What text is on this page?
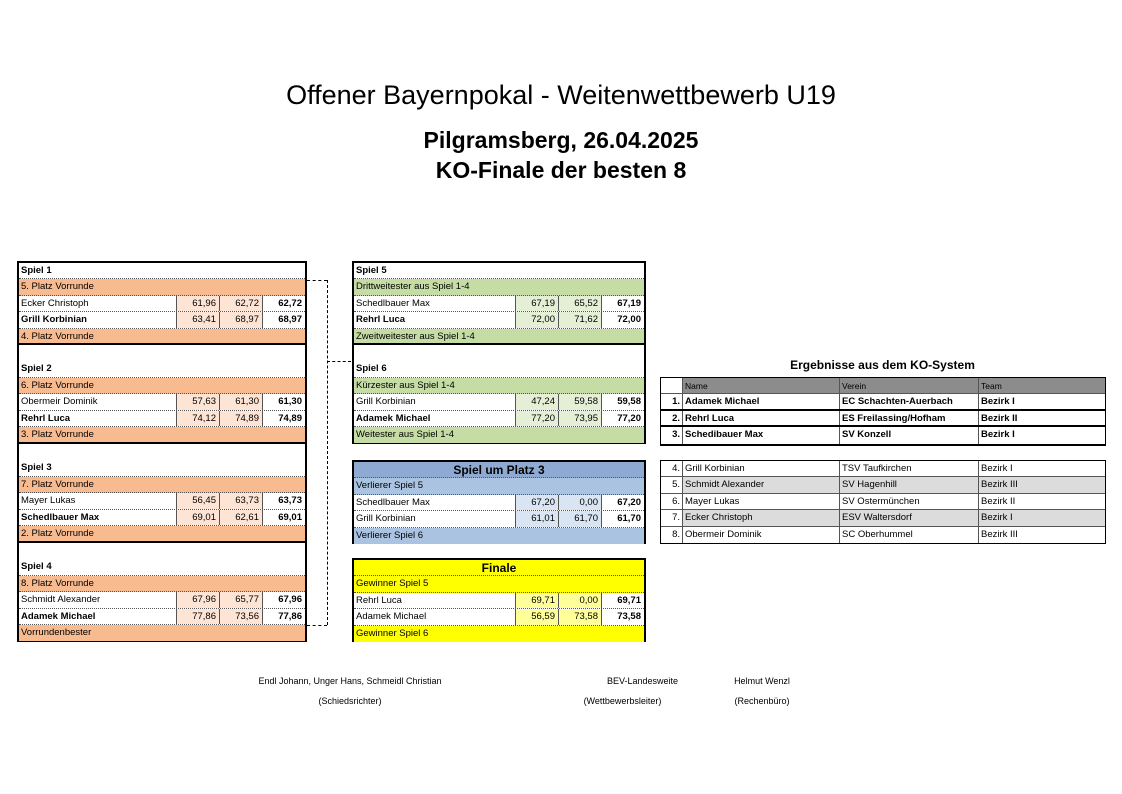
Offener Bayernpokal - Weitenwettbewerb U19
Pilgramsberg, 26.04.2025
KO-Finale der besten 8
Spiel 1
5. Platz Vorrunde
Ecker Christoph	61,96	62,72	62,72
Grill Korbinian	63,41	68,97	68,97
4. Platz Vorrunde
Spiel 2
6. Platz Vorrunde
Obermeir Dominik	57,63	61,30	61,30
Rehrl Luca	74,12	74,89	74,89
3. Platz Vorrunde
Spiel 3
7. Platz Vorrunde
Mayer Lukas	56,45	63,73	63,73
Schedlbauer Max	69,01	62,61	69,01
2. Platz Vorrunde
Spiel 4
8. Platz Vorrunde
Schmidt Alexander	67,96	65,77	67,96
Adamek Michael	77,86	73,56	77,86
Vorrundenbester
Spiel 5
Drittweitester aus Spiel 1-4
Schedlbauer Max	67,19	65,52	67,19
Rehrl Luca	72,00	71,62	72,00
Zweitweitester aus Spiel 1-4
Spiel 6
Kürzester aus Spiel 1-4
Grill Korbinian	47,24	59,58	59,58
Adamek Michael	77,20	73,95	77,20
Weitester aus Spiel 1-4
Spiel um Platz 3
Verlierer Spiel 5
Schedlbauer Max	67,20	0,00	67,20
Grill Korbinian	61,01	61,70	61,70
Verlierer Spiel 6
Finale
Gewinner Spiel 5
Rehrl Luca	69,71	0,00	69,71
Adamek Michael	56,59	73,58	73,58
Gewinner Spiel 6
Ergebnisse aus dem KO-System
Name	Verein	Team
1. Adamek Michael	EC Schachten-Auerbach	Bezirk I
2. Rehrl Luca	ES Freilassing/Hofham	Bezirk II
3. Schedibauer Max	SV Konzell	Bezirk I
4. Grill Korbinian	TSV Taufkirchen	Bezirk I
5. Schmidt Alexander	SV Hagenhill	Bezirk III
6. Mayer Lukas	SV Ostermünchen	Bezirk II
7. Ecker Christoph	ESV Waltersdorf	Bezirk I
8. Obermeir Dominik	SC Oberhummel	Bezirk III
Endl Johann, Unger Hans, Schmeidl Christian
(Schiedsrichter)
BEV-Landesweite
(Wettbewerbsleiter)
Helmut Wenzl
(Rechenbüro)
